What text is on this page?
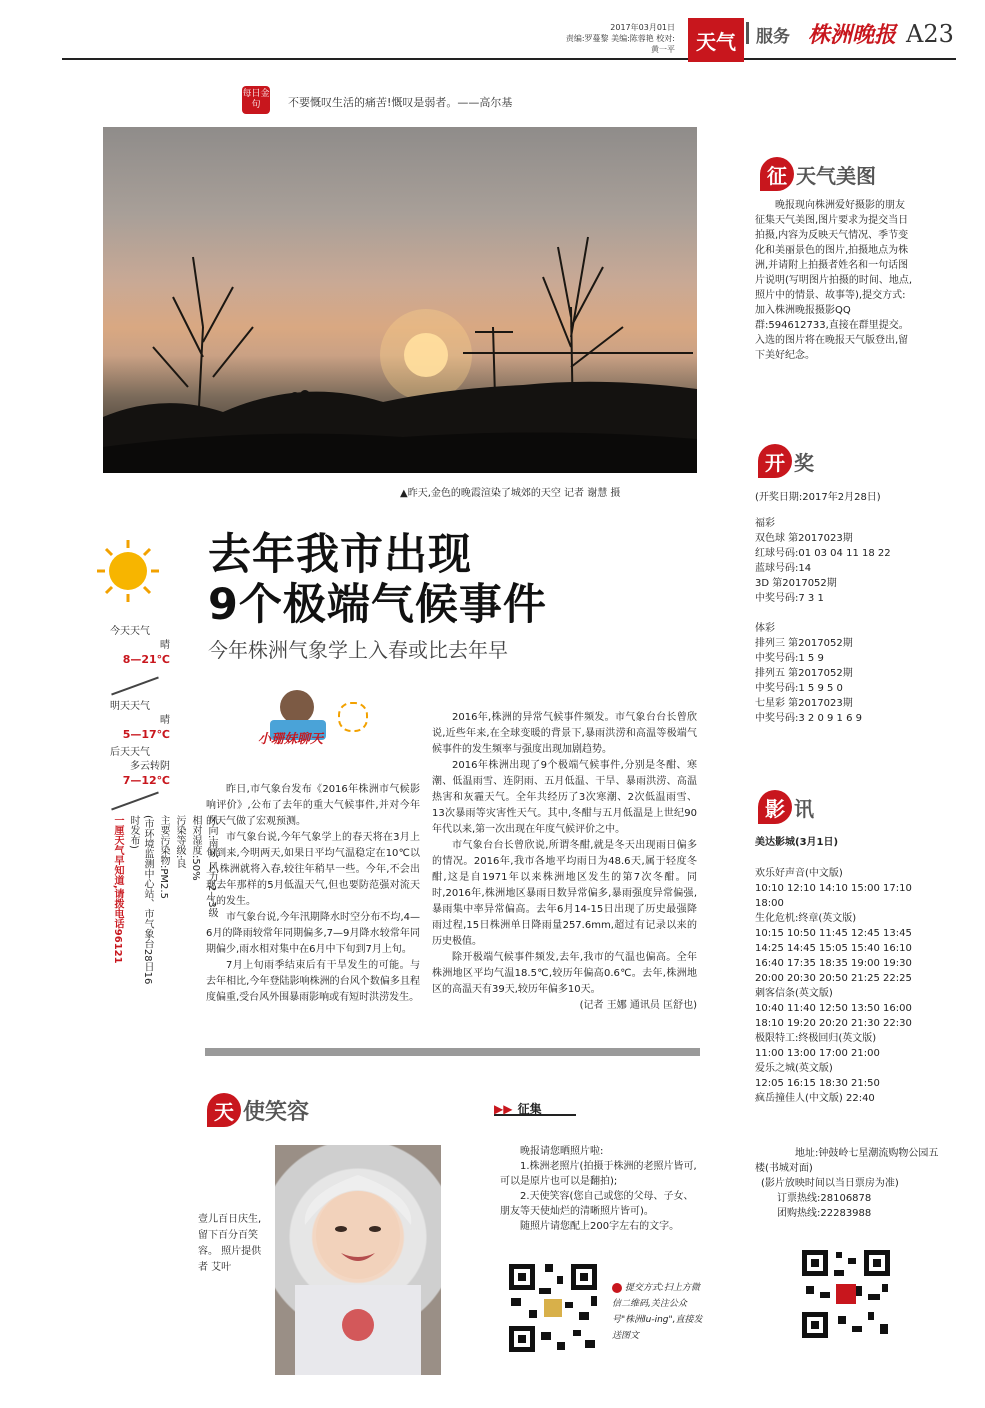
2017年03月01日
责编:罗蔓黎 美编:陈蓉艳 校对:黄一平	天气	服务 株洲晚报 A23
每日金句	不要慨叹生活的痛苦!慨叹是弱者。——高尔基
▲昨天,金色的晚霞渲染了城郊的天空 记者 谢慧 摄
今天天气
晴
8—21℃
明天天气
晴
5—17℃
后天天气
多云转阴
7—12℃
风向:南风 风力:2—3级
相对湿度:50%
污染等级:良
主要污染物:PM2.5
(市环境监测中心站、市气象台28日16时发布)
一厘天气早知道,请拨电话96121
去年我市出现
9个极端气候事件
今年株洲气象学上入春或比去年早
小珊妹聊天

昨日,市气象台发布《2016年株洲市气候影响评价》,公布了去年的重大气候事件,并对今年的天气做了宏观预测。

市气象台说,今年气象学上的春天将在3月上旬到来,今明两天,如果日平均气温稳定在10℃以上,株洲就将入春,较往年稍早一些。今年,不会出现去年那样的5月低温天气,但也要防范强对流天气的发生。

市气象台说,今年汛期降水时空分布不均,4—6月的降雨较常年同期偏多,7—9月降水较常年同期偏少,雨水相对集中在6月中下旬到7月上旬。

7月上旬雨季结束后有干旱发生的可能。与去年相比,今年登陆影响株洲的台风个数偏多且程度偏重,受台风外围暴雨影响或有短时洪涝发生。

2016年,株洲的异常气候事件频发。市气象台台长曾欣说,近些年来,在全球变暖的背景下,暴雨洪涝和高温等极端气候事件的发生频率与强度出现加剧趋势。

2016年株洲出现了9个极端气候事件,分别是冬酣、寒潮、低温雨雪、连阴雨、五月低温、干旱、暴雨洪涝、高温热害和灰霾天气。全年共经历了3次寒潮、2次低温雨雪、13次暴雨等灾害性天气。其中,冬酣与五月低温是上世纪90年代以来,第一次出现在年度气候评价之中。

市气象台台长曾欣说,所谓冬酣,就是冬天出现雨日偏多的情况。2016年,我市各地平均雨日为48.6天,属于轻度冬酣,这是自1971年以来株洲地区发生的第7次冬酣。同时,2016年,株洲地区暴雨日数异常偏多,暴雨强度异常偏强,暴雨集中率异常偏高。去年6月14-15日出现了历史最强降雨过程,15日株洲单日降雨量257.6mm,超过有记录以来的历史极值。

除开极端气候事件频发,去年,我市的气温也偏高。全年株洲地区平均气温18.5℃,较历年偏高0.6℃。去年,株洲地区的高温天有39天,较历年偏多10天。

(记者 王娜 通讯员 匡舒也)
征 天气美图
晚报现向株洲爱好摄影的朋友征集天气美图,图片要求为提交当日拍摄,内容为反映天气情况、季节变化和美丽景色的图片,拍摄地点为株洲,并请附上拍摄者姓名和一句话图片说明(写明图片拍摄的时间、地点,照片中的情景、故事等),提交方式:加入株洲晚报摄影QQ群:594612733,直接在群里提交。入选的图片将在晚报天气版登出,留下美好纪念。
开 奖
(开奖日期:2017年2月28日)
福彩
双色球 第2017023期
红球号码:01 03 04 11 18 22
蓝球号码:14
3D 第2017052期
中奖号码:7 3 1
体彩
排列三 第2017052期
中奖号码:1 5 9
排列五 第2017052期
中奖号码:1 5 9 5 0
七星彩 第2017023期
中奖号码:3 2 0 9 1 6 9
影 讯
美达影城(3月1日)
欢乐好声音(中文版)
10:10 12:10 14:10 15:00 17:10 18:00
生化危机:终章(英文版)
10:15 10:50 11:45 12:45 13:45 14:25 14:45 15:05 15:40 16:10 16:40 17:35 18:35 19:00 19:30 20:00 20:30 20:50 21:25 22:25
刺客信条(英文版)
10:40 11:40 12:50 13:50 16:00 18:10 19:20 20:20 21:30 22:30
极限特工:终极回归(英文版)
11:00 13:00 17:00 21:00
爱乐之城(英文版)
12:05 16:15 18:30 21:50
疯岳撞佳人(中文版) 22:40
地址:钟鼓岭七星潮流购物公园五楼(书城对面)
(影片放映时间以当日票房为准)
订票热线:28106878
团购热线:22283988
天 使笑容
壹儿百日庆生,留下百分百笑容。 照片提供者 艾叶
▶▶ 征集
晚报请您晒照片啦:
1.株洲老照片(拍摄于株洲的老照片皆可,可以是原片也可以是翻拍);
2.天使笑容(您自己或您的父母、子女、朋友等天使灿烂的清晰照片皆可)。
随照片请您配上200字左右的文字。
提交方式:扫上方微信二维码,关注公众号"株洲lu-ing",直接发送图文
